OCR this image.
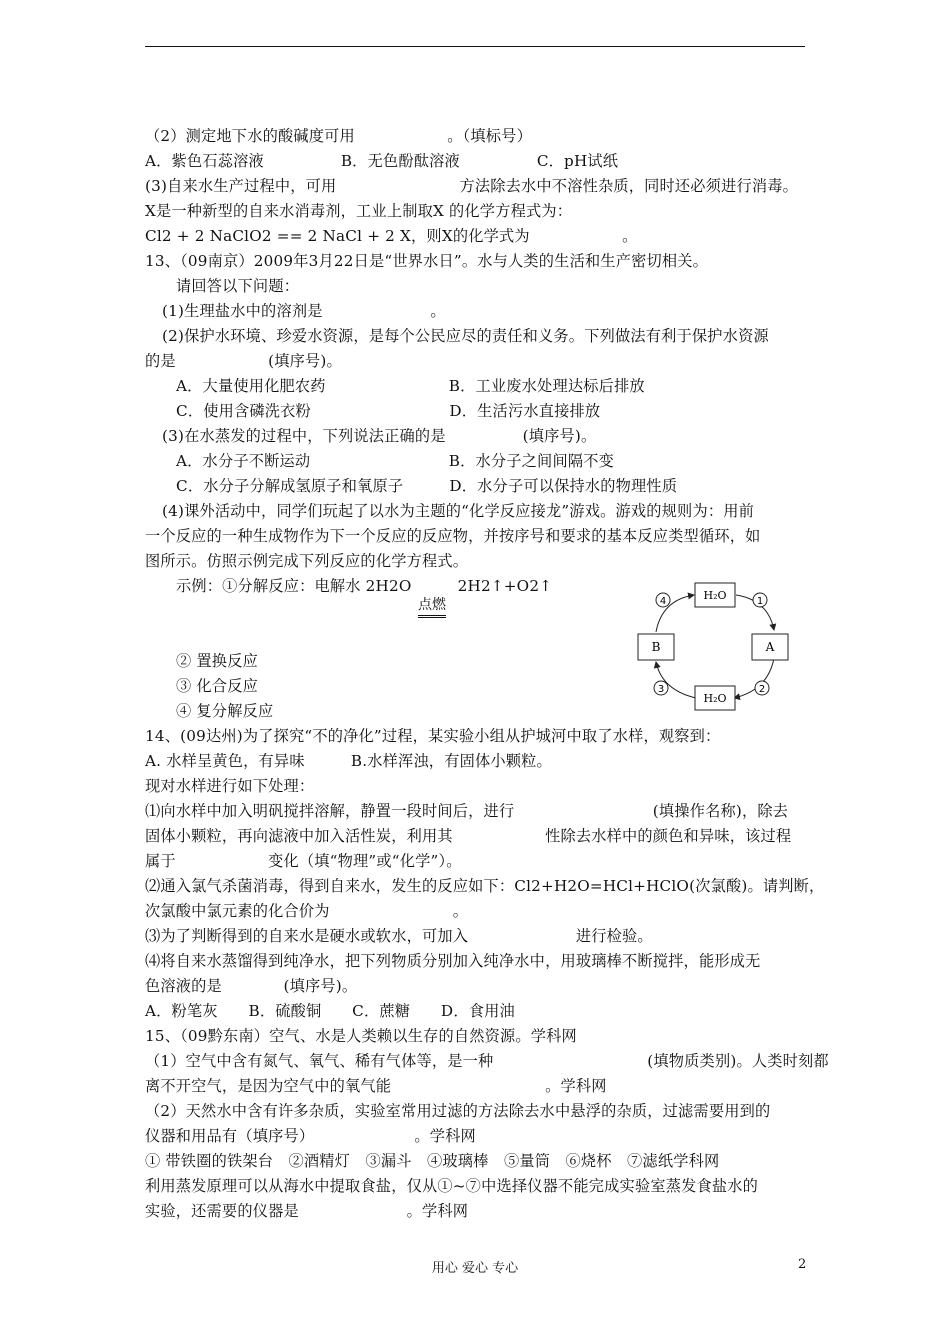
（2）测定地下水的酸碱度可用　　　　　　。（填标号）
A．紫色石蕊溶液　　　　　B．无色酚酞溶液　　　　　C．pH试纸
(3)自来水生产过程中，可用　　　　　　　　方法除去水中不溶性杂质，同时还必须进行消毒。
X是一种新型的自来水消毒剂，工业上制取X 的化学方程式为：
Cl2 + 2 NaClO2 == 2 NaCl + 2 X，则X的化学式为　　　　　　。
13、（09南京）2009年3月22日是“世界水日”。水与人类的生活和生产密切相关。
请回答以下问题：
(1)生理盐水中的溶剂是　　　　　　　。
(2)保护水环境、珍爱水资源，是每个公民应尽的责任和义务。下列做法有利于保护水资源
的是　　　　　　(填序号)。
A．大量使用化肥农药　　　　　　　　B．工业废水处理达标后排放
C．使用含磷洗衣粉　　　　　　　　　D．生活污水直接排放
(3)在水蒸发的过程中，下列说法正确的是　　　　　(填序号)。
A．水分子不断运动　　　　　　　　　B．水分子之间间隔不变
C．水分子分解成氢原子和氧原子　　　D．水分子可以保持水的物理性质
(4)课外活动中，同学们玩起了以水为主题的“化学反应接龙”游戏。游戏的规则为：用前
一个反应的一种生成物作为下一个反应的反应物，并按序号和要求的基本反应类型循环，如
图所示。仿照示例完成下列反应的化学方程式。
示例：①分解反应：电解水 2H2O　　　2H2↑+O2↑
点燃
② 置换反应
③ 化合反应
④ 复分解反应
14、(09达州)为了探究“不的净化”过程，某实验小组从护城河中取了水样，观察到：
A. 水样呈黄色，有异味　　　B.水样浑浊，有固体小颗粒。
现对水样进行如下处理：
⑴向水样中加入明矾搅拌溶解，静置一段时间后，进行　　　　　　　　　(填操作名称)，除去
固体小颗粒，再向滤液中加入活性炭，利用其　　　　　　性除去水样中的颜色和异味，该过程
属于　　　　　　变化（填“物理”或“化学”）。
⑵通入氯气杀菌消毒，得到自来水，发生的反应如下：Cl2+H2O=HCl+HClO(次氯酸)。请判断，
次氯酸中氯元素的化合价为　　　　　　　　。
⑶为了判断得到的自来水是硬水或软水，可加入　　　　　　　进行检验。
⑷将自来水蒸馏得到纯净水，把下列物质分别加入纯净水中，用玻璃棒不断搅拌，能形成无
色溶液的是　　　　(填序号)。
A．粉笔灰　　B．硫酸铜　　C．蔗糖　　D．食用油
15、（09黔东南）空气、水是人类赖以生存的自然资源。学科网
（1）空气中含有氮气、氧气、稀有气体等，是一种　　　　　　　　　　(填物质类别)。人类时刻都
离不开空气，是因为空气中的氧气能　　　　　　　　　　。学科网
（2）天然水中含有许多杂质，实验室常用过滤的方法除去水中悬浮的杂质，过滤需要用到的
仪器和用品有（填序号）　　　　　　　。学科网
① 带铁圈的铁架台　②酒精灯　③漏斗　④玻璃棒　⑤量筒　⑥烧杯　⑦滤纸学科网
利用蒸发原理可以从海水中提取食盐，仅从①~⑦中选择仪器不能完成实验室蒸发食盐水的
实验，还需要的仪器是　　　　　　　。学科网
H₂O
H₂O
B	A
1
2
3
4
用心 爱心 专心	2
